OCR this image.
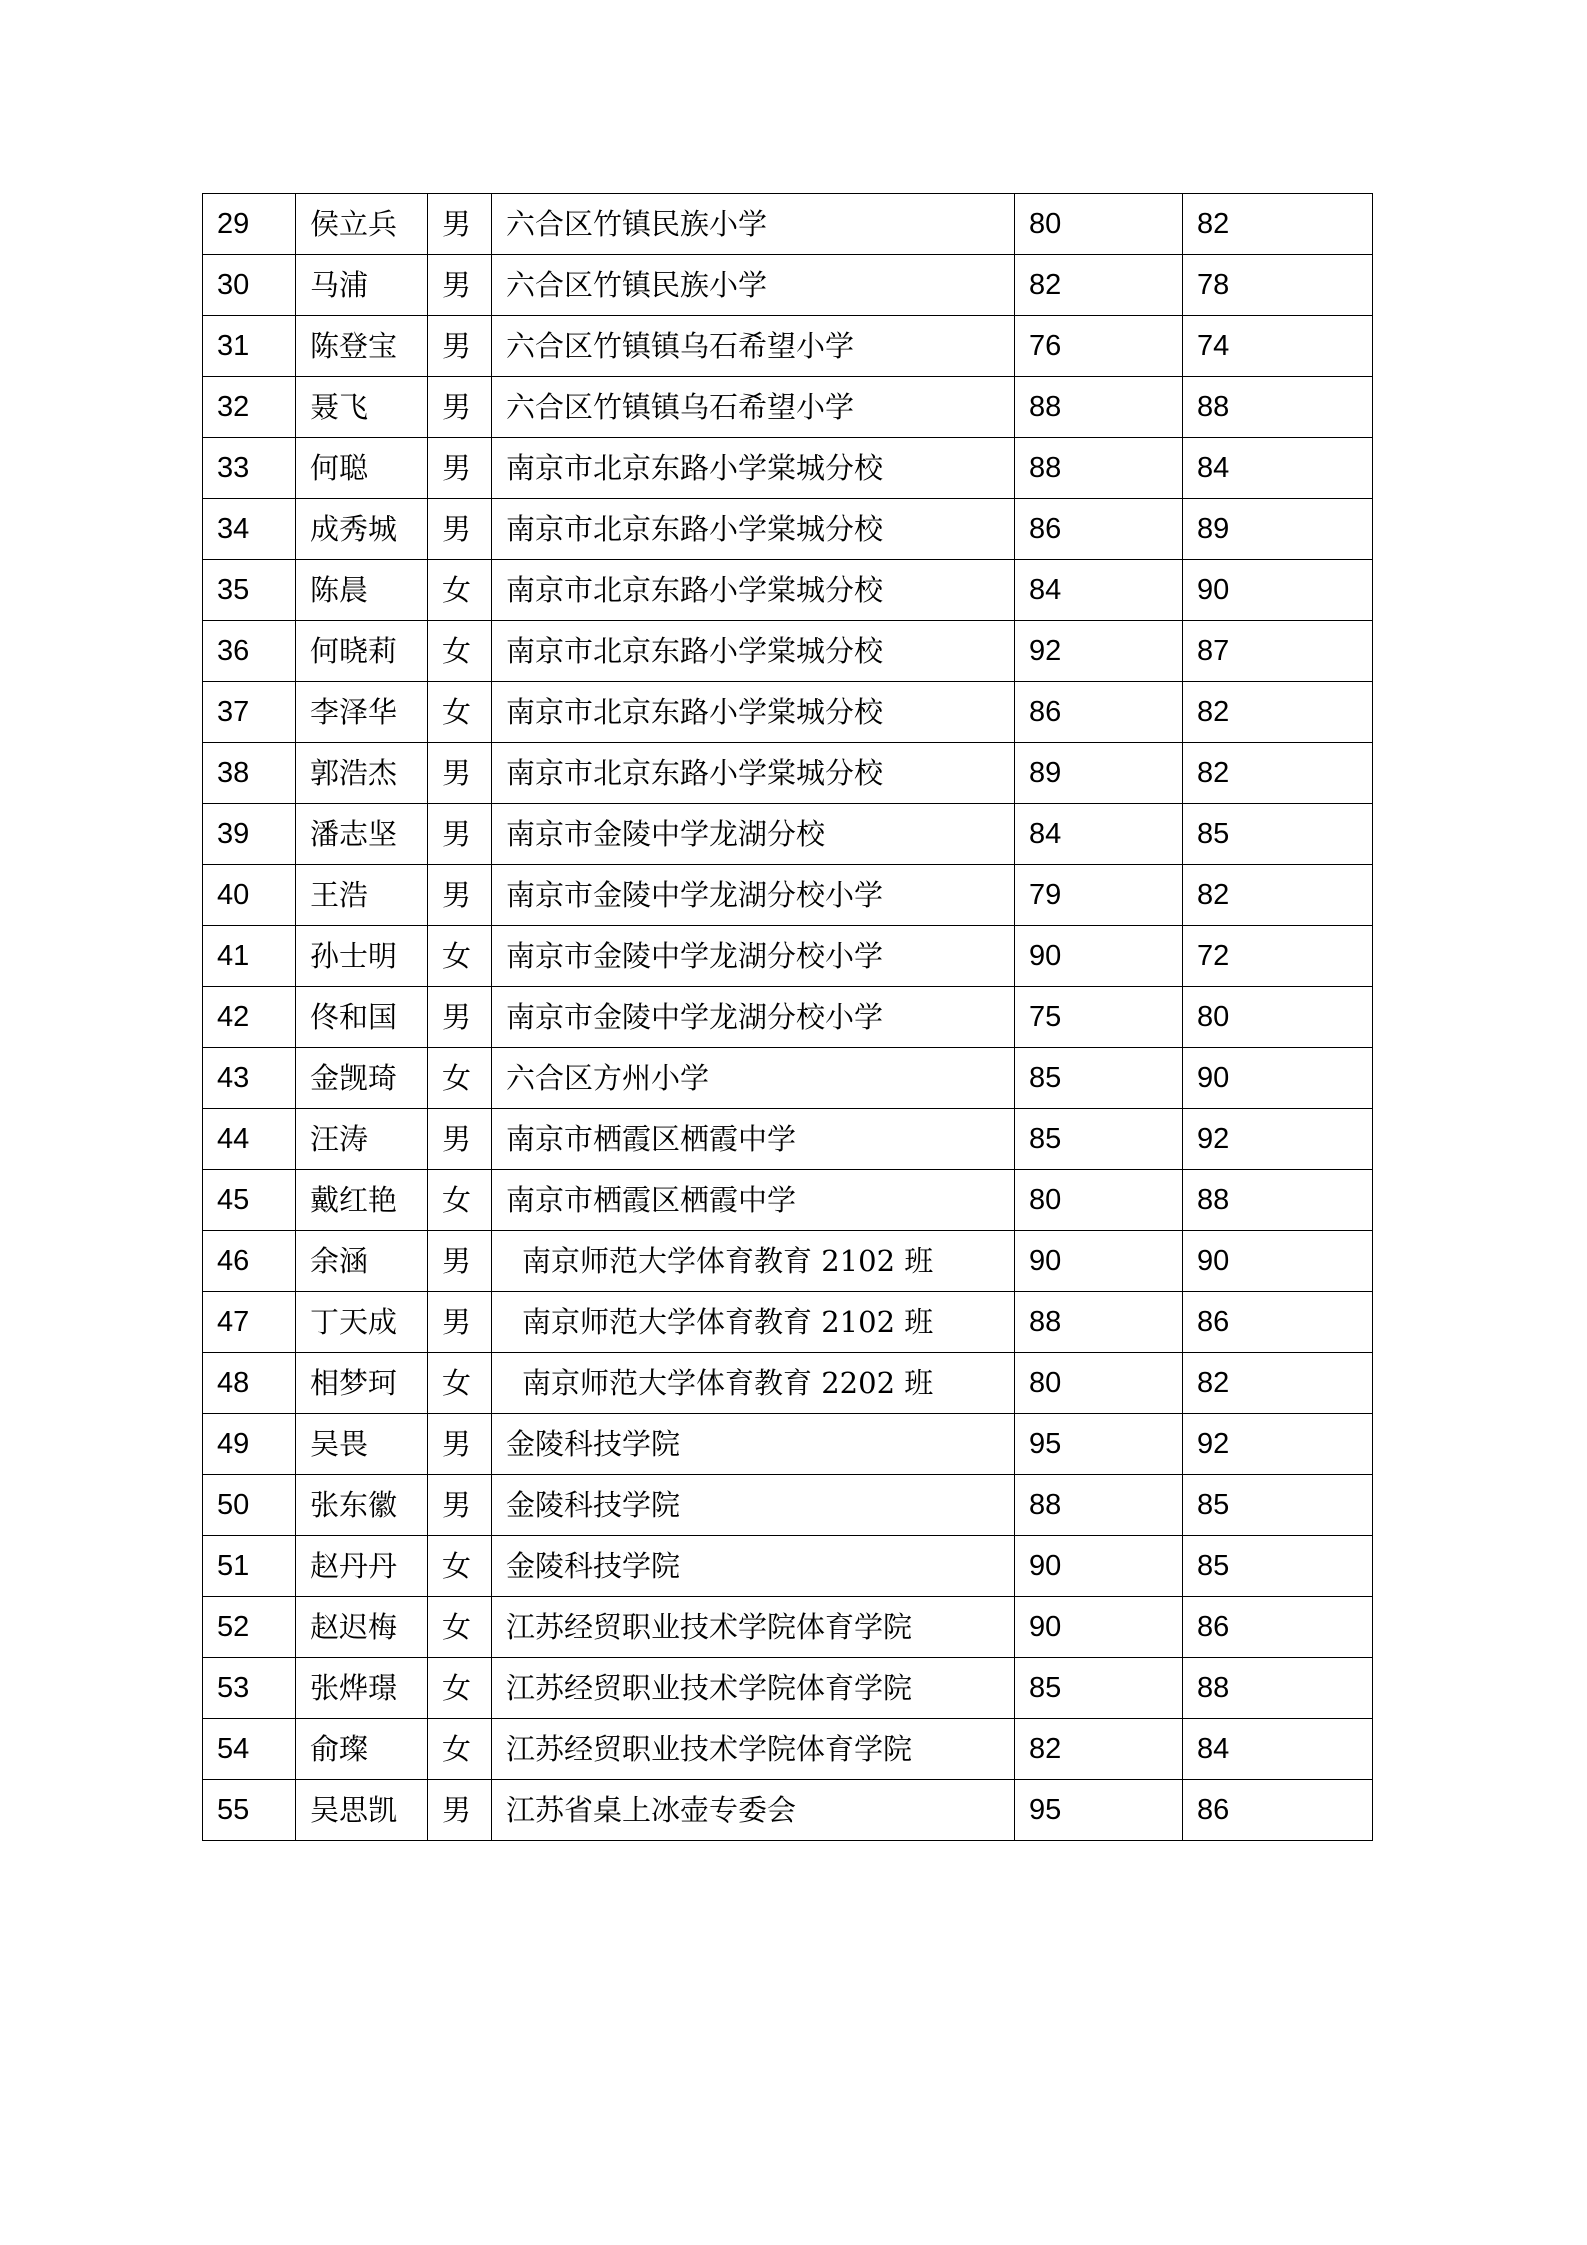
29	侯立兵	男	六合区竹镇民族小学	80	82
30	马浦	男	六合区竹镇民族小学	82	78
31	陈登宝	男	六合区竹镇镇乌石希望小学	76	74
32	聂飞	男	六合区竹镇镇乌石希望小学	88	88
33	何聪	男	南京市北京东路小学棠城分校	88	84
34	成秀城	男	南京市北京东路小学棠城分校	86	89
35	陈晨	女	南京市北京东路小学棠城分校	84	90
36	何晓莉	女	南京市北京东路小学棠城分校	92	87
37	李泽华	女	南京市北京东路小学棠城分校	86	82
38	郭浩杰	男	南京市北京东路小学棠城分校	89	82
39	潘志坚	男	南京市金陵中学龙湖分校	84	85
40	王浩	男	南京市金陵中学龙湖分校小学	79	82
41	孙士明	女	南京市金陵中学龙湖分校小学	90	72
42	佟和国	男	南京市金陵中学龙湖分校小学	75	80
43	金觊琦	女	六合区方州小学	85	90
44	汪涛	男	南京市栖霞区栖霞中学	85	92
45	戴红艳	女	南京市栖霞区栖霞中学	80	88
46	余涵	男	南京师范大学体育教育 2102 班	90	90
47	丁天成	男	南京师范大学体育教育 2102 班	88	86
48	相梦珂	女	南京师范大学体育教育 2202 班	80	82
49	吴畏	男	金陵科技学院	95	92
50	张东徽	男	金陵科技学院	88	85
51	赵丹丹	女	金陵科技学院	90	85
52	赵迟梅	女	江苏经贸职业技术学院体育学院	90	86
53	张烨璟	女	江苏经贸职业技术学院体育学院	85	88
54	俞璨	女	江苏经贸职业技术学院体育学院	82	84
55	吴思凯	男	江苏省桌上冰壶专委会	95	86
